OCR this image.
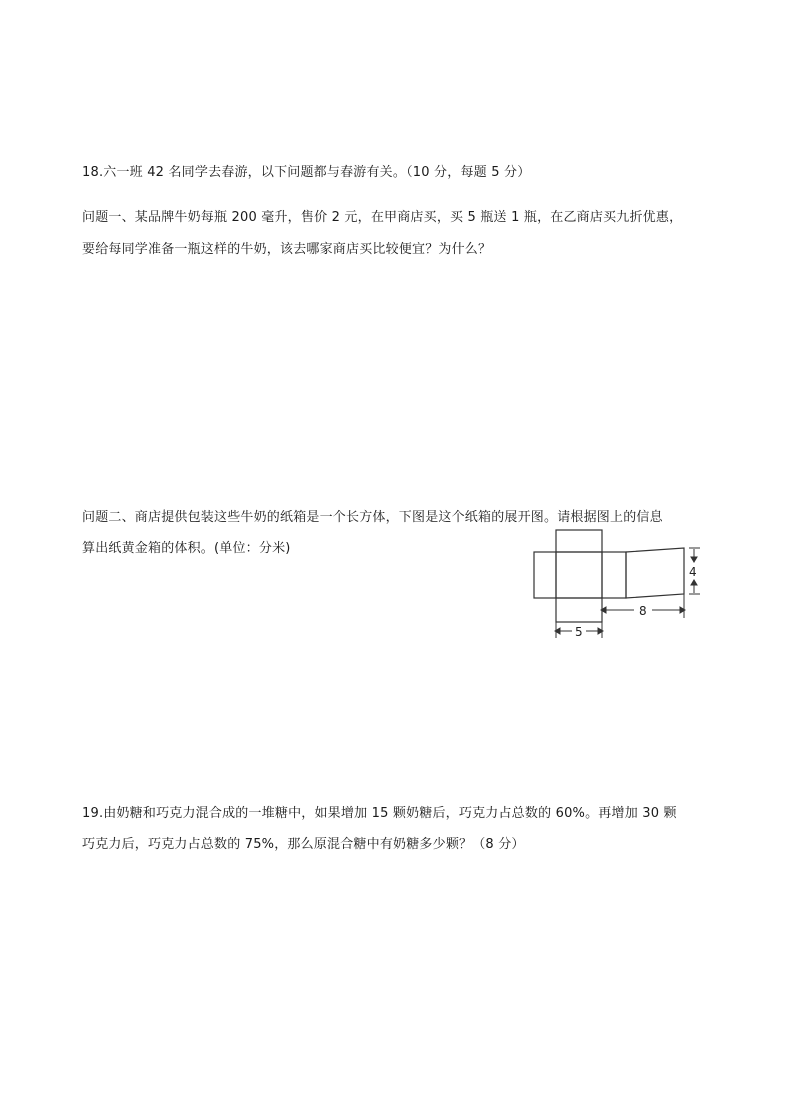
18.六一班 42 名同学去春游，以下问题都与春游有关。（10 分，每题 5 分）
问题一、某品牌牛奶每瓶 200 毫升，售价 2 元，在甲商店买，买 5 瓶送 1 瓶，在乙商店买九折优惠，
要给每同学准备一瓶这样的牛奶，该去哪家商店买比较便宜？为什么？
问题二、商店提供包装这些牛奶的纸箱是一个长方体，下图是这个纸箱的展开图。请根据图上的信息
算出纸黄金箱的体积。(单位：分米)
4
8
5
19.由奶糖和巧克力混合成的一堆糖中，如果增加 15 颗奶糖后，巧克力占总数的 60%。再增加 30 颗
巧克力后，巧克力占总数的 75%，那么原混合糖中有奶糖多少颗？（8 分）
